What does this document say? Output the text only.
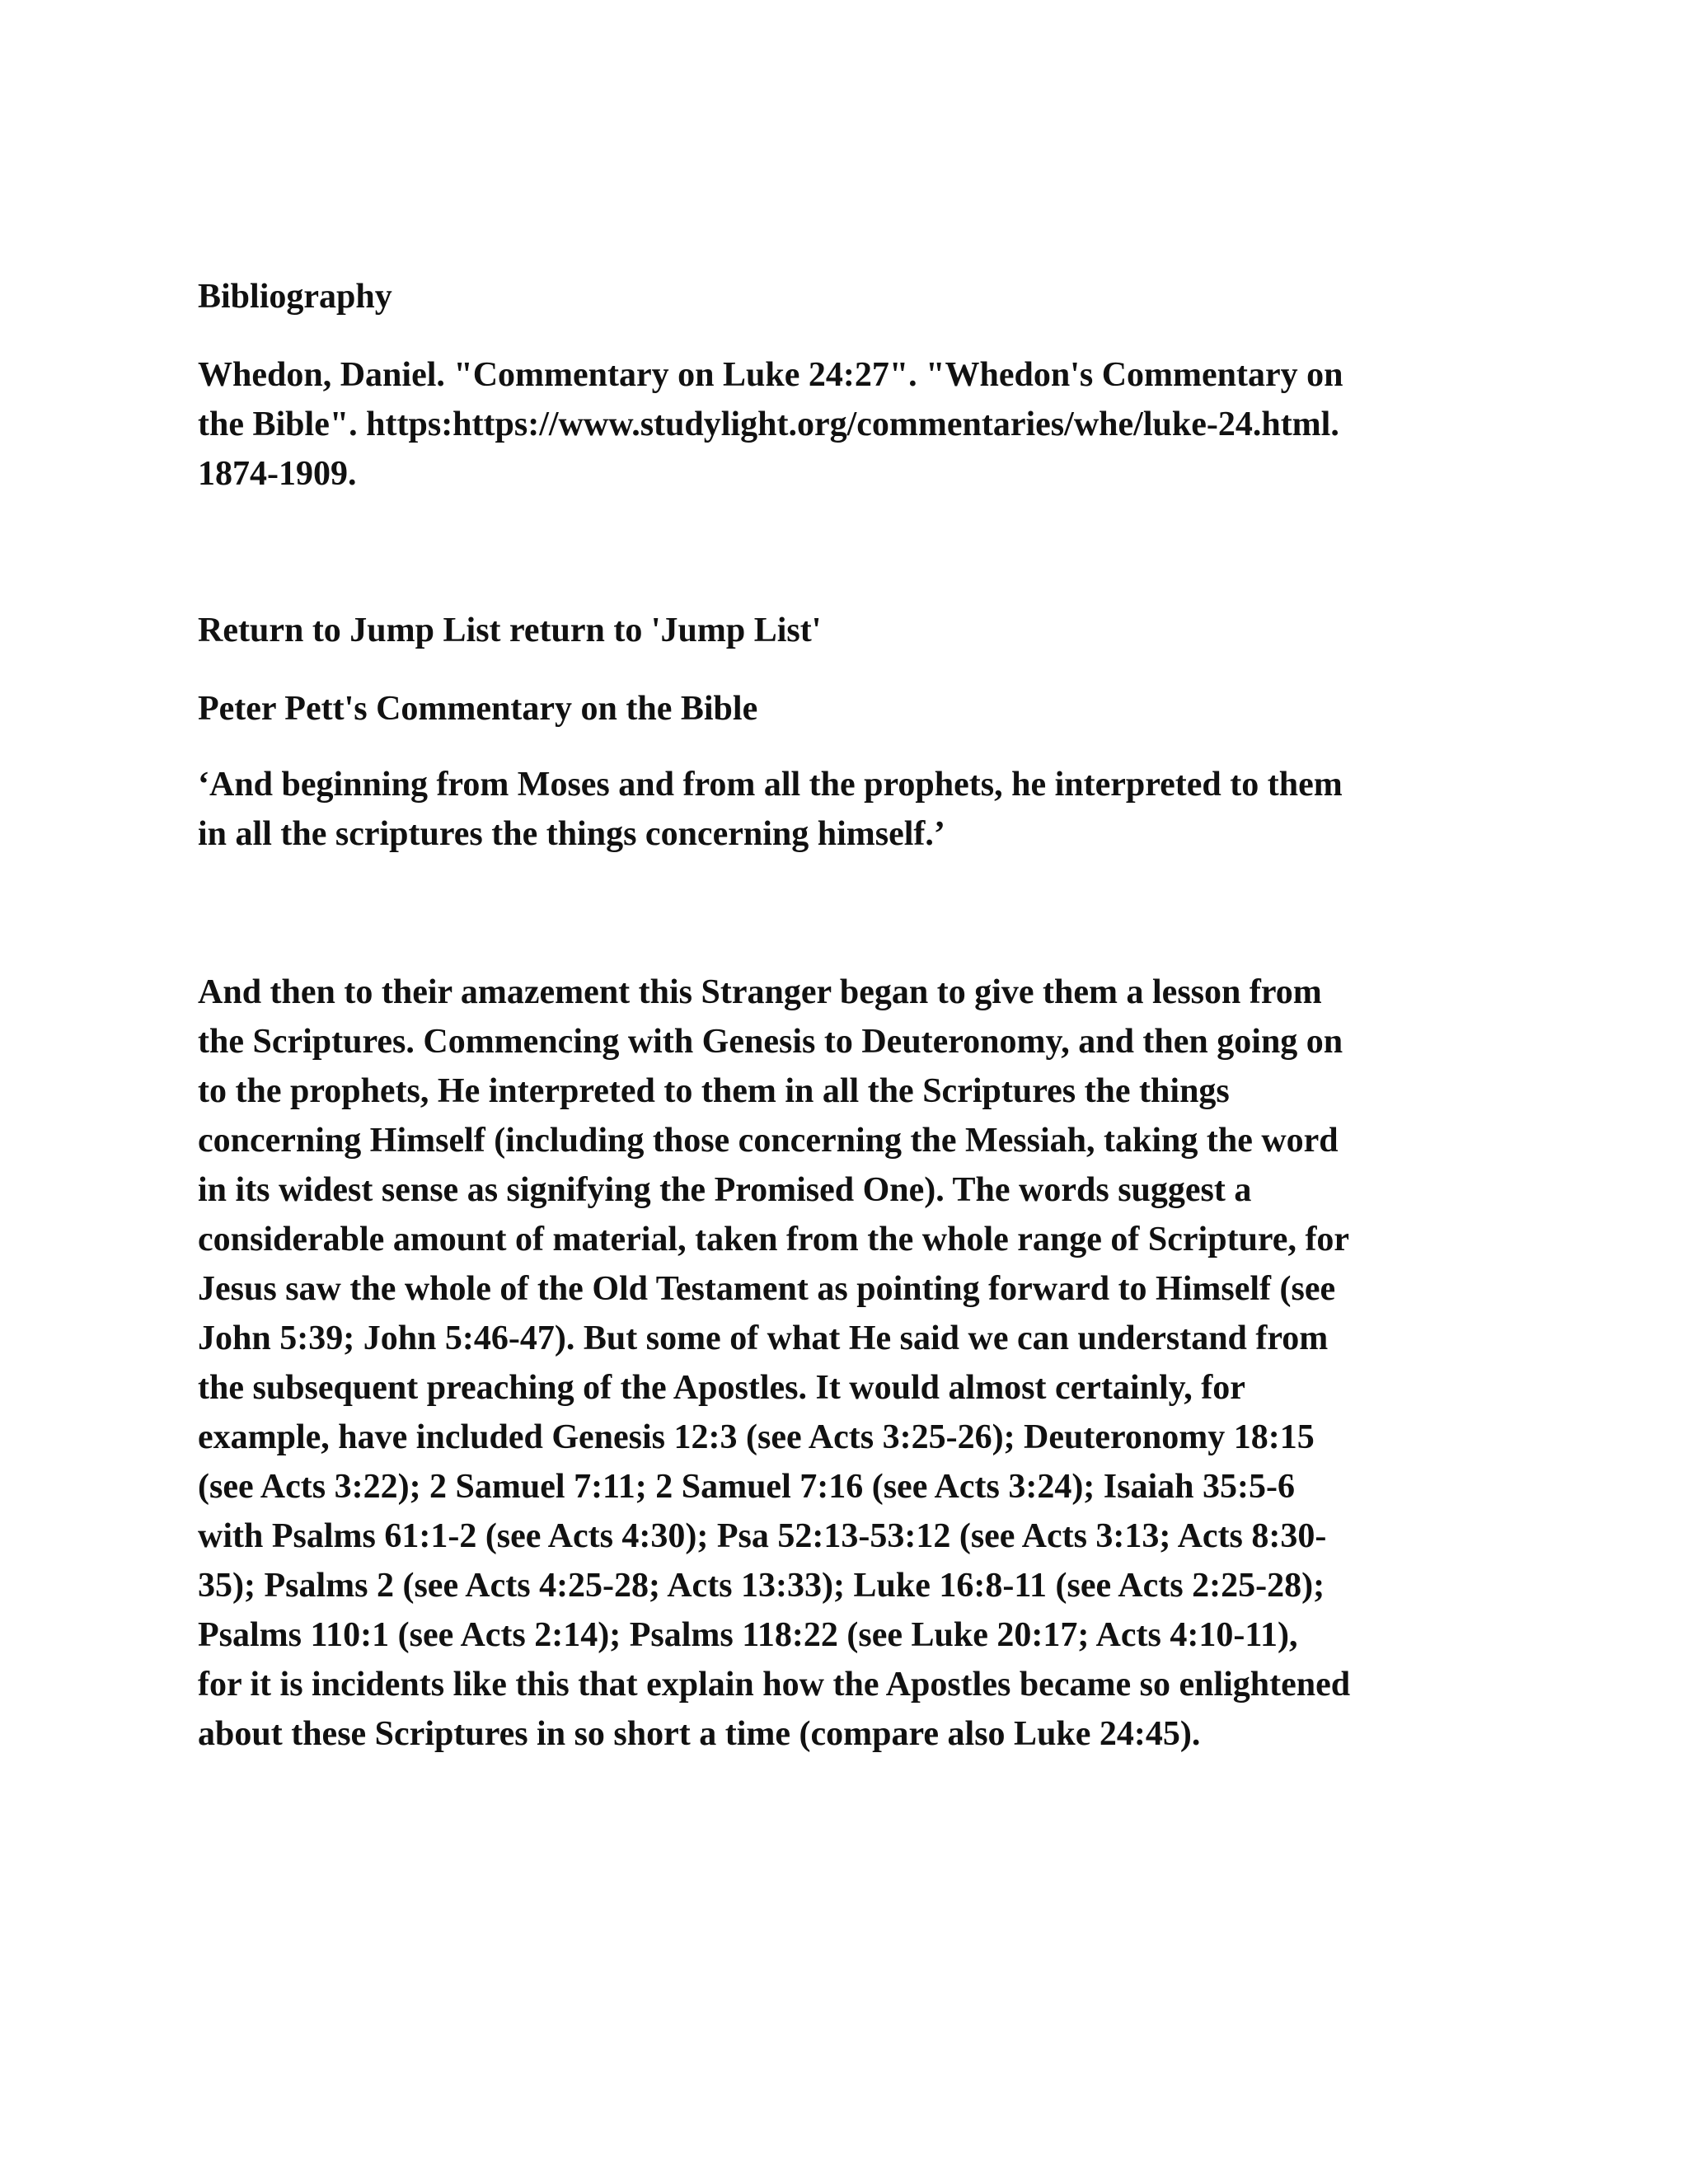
Bibliography

Whedon, Daniel. "Commentary on Luke 24:27". "Whedon's Commentary on
the Bible". https:https://www.studylight.org/commentaries/whe/luke-24.html.
1874-1909.

Return to Jump List return to 'Jump List'

Peter Pett's Commentary on the Bible

‘And beginning from Moses and from all the prophets, he interpreted to them
in all the scriptures the things concerning himself.’

And then to their amazement this Stranger began to give them a lesson from
the Scriptures. Commencing with Genesis to Deuteronomy, and then going on
to the prophets, He interpreted to them in all the Scriptures the things
concerning Himself (including those concerning the Messiah, taking the word
in its widest sense as signifying the Promised One). The words suggest a
considerable amount of material, taken from the whole range of Scripture, for
Jesus saw the whole of the Old Testament as pointing forward to Himself (see
John 5:39; John 5:46-47). But some of what He said we can understand from
the subsequent preaching of the Apostles. It would almost certainly, for
example, have included Genesis 12:3 (see Acts 3:25-26); Deuteronomy 18:15
(see Acts 3:22); 2 Samuel 7:11; 2 Samuel 7:16 (see Acts 3:24); Isaiah 35:5-6
with Psalms 61:1-2 (see Acts 4:30); Psa 52:13-53:12 (see Acts 3:13; Acts 8:30-
35); Psalms 2 (see Acts 4:25-28; Acts 13:33); Luke 16:8-11 (see Acts 2:25-28);
Psalms 110:1 (see Acts 2:14); Psalms 118:22 (see Luke 20:17; Acts 4:10-11),
for it is incidents like this that explain how the Apostles became so enlightened
about these Scriptures in so short a time (compare also Luke 24:45).
